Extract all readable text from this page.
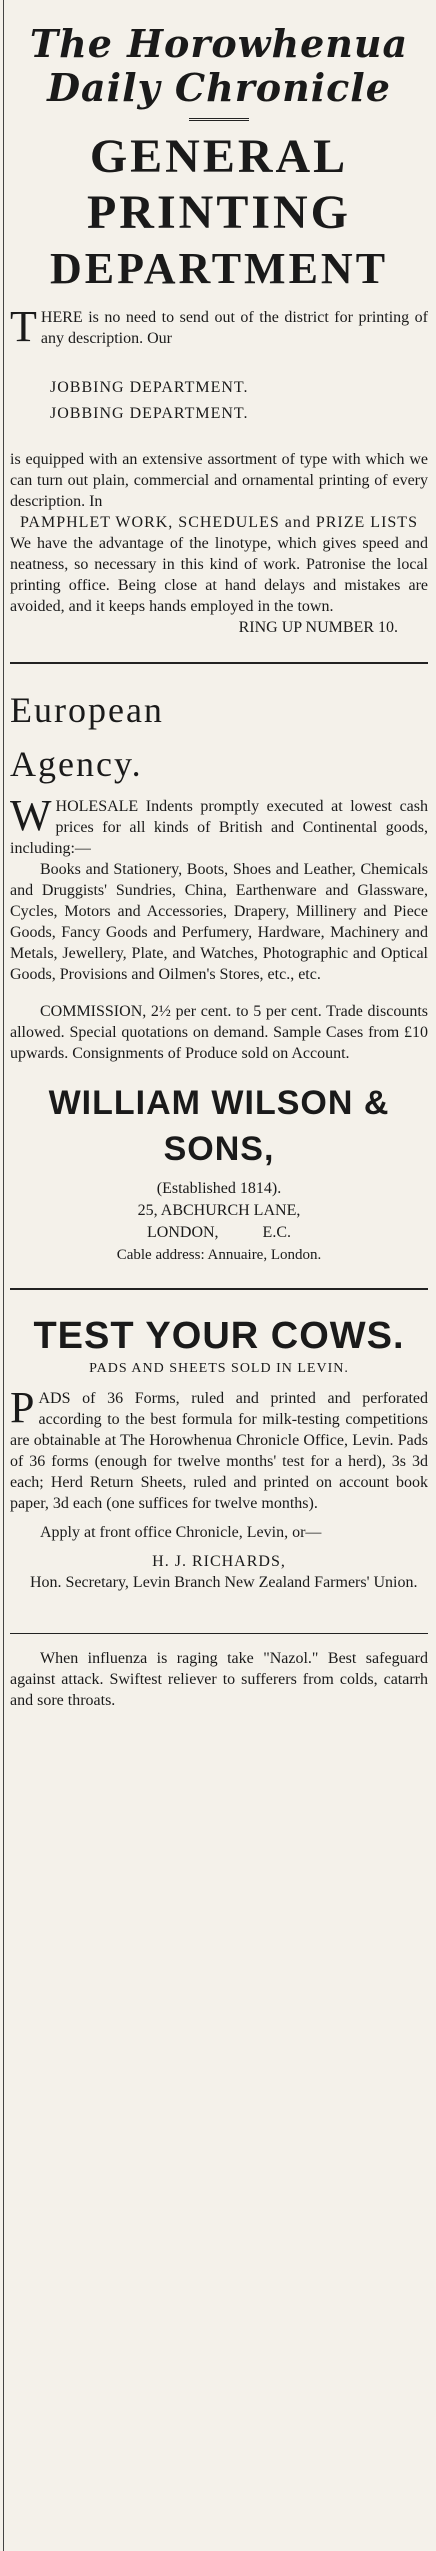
The Horowhenua

Daily Chronicle

GENERAL

PRINTING

DEPARTMENT

T HERE is no need to send out of the district for printing of any description. Our

JOBBING DEPARTMENT.
JOBBING DEPARTMENT.

is equipped with an extensive assortment of type with which we can turn out plain, commercial and ornamental printing of every description. In

PAMPHLET WORK, SCHEDULES and PRIZE LISTS

We have the advantage of the linotype, which gives speed and neatness, so necessary in this kind of work. Patronise the local printing office. Being close at hand delays and mistakes are avoided, and it keeps hands employed in the town.

RING UP NUMBER 10.

European

Agency.

W HOLESALE Indents promptly executed at lowest cash prices for all kinds of British and Continental goods, including:—

Books and Stationery, Boots, Shoes and Leather, Chemicals and Druggists' Sundries, China, Earthenware and Glassware, Cycles, Motors and Accessories, Drapery, Millinery and Piece Goods, Fancy Goods and Perfumery, Hardware, Machinery and Metals, Jewellery, Plate, and Watches, Photographic and Optical Goods, Provisions and Oilmen's Stores, etc., etc.

COMMISSION, 2½ per cent. to 5 per cent. Trade discounts allowed. Special quotations on demand. Sample Cases from £10 upwards. Consignments of Produce sold on Account.

WILLIAM WILSON &

SONS,

(Established 1814).

25, ABCHURCH LANE,

LONDON,           E.C.

Cable address: Annuaire, London.

TEST YOUR COWS.

PADS AND SHEETS SOLD IN LEVIN.

P ADS of 36 Forms, ruled and printed and perforated according to the best formula for milk-testing competitions are obtainable at The Horowhenua Chronicle Office, Levin. Pads of 36 forms (enough for twelve months' test for a herd), 3s 3d each; Herd Return Sheets, ruled and printed on account book paper, 3d each (one suffices for twelve months).

Apply at front office Chronicle, Levin, or—

H. J. RICHARDS,

Hon. Secretary, Levin Branch New Zealand Farmers' Union.

When influenza is raging take "Nazol." Best safeguard against attack. Swiftest reliever to sufferers from colds, catarrh and sore throats.
